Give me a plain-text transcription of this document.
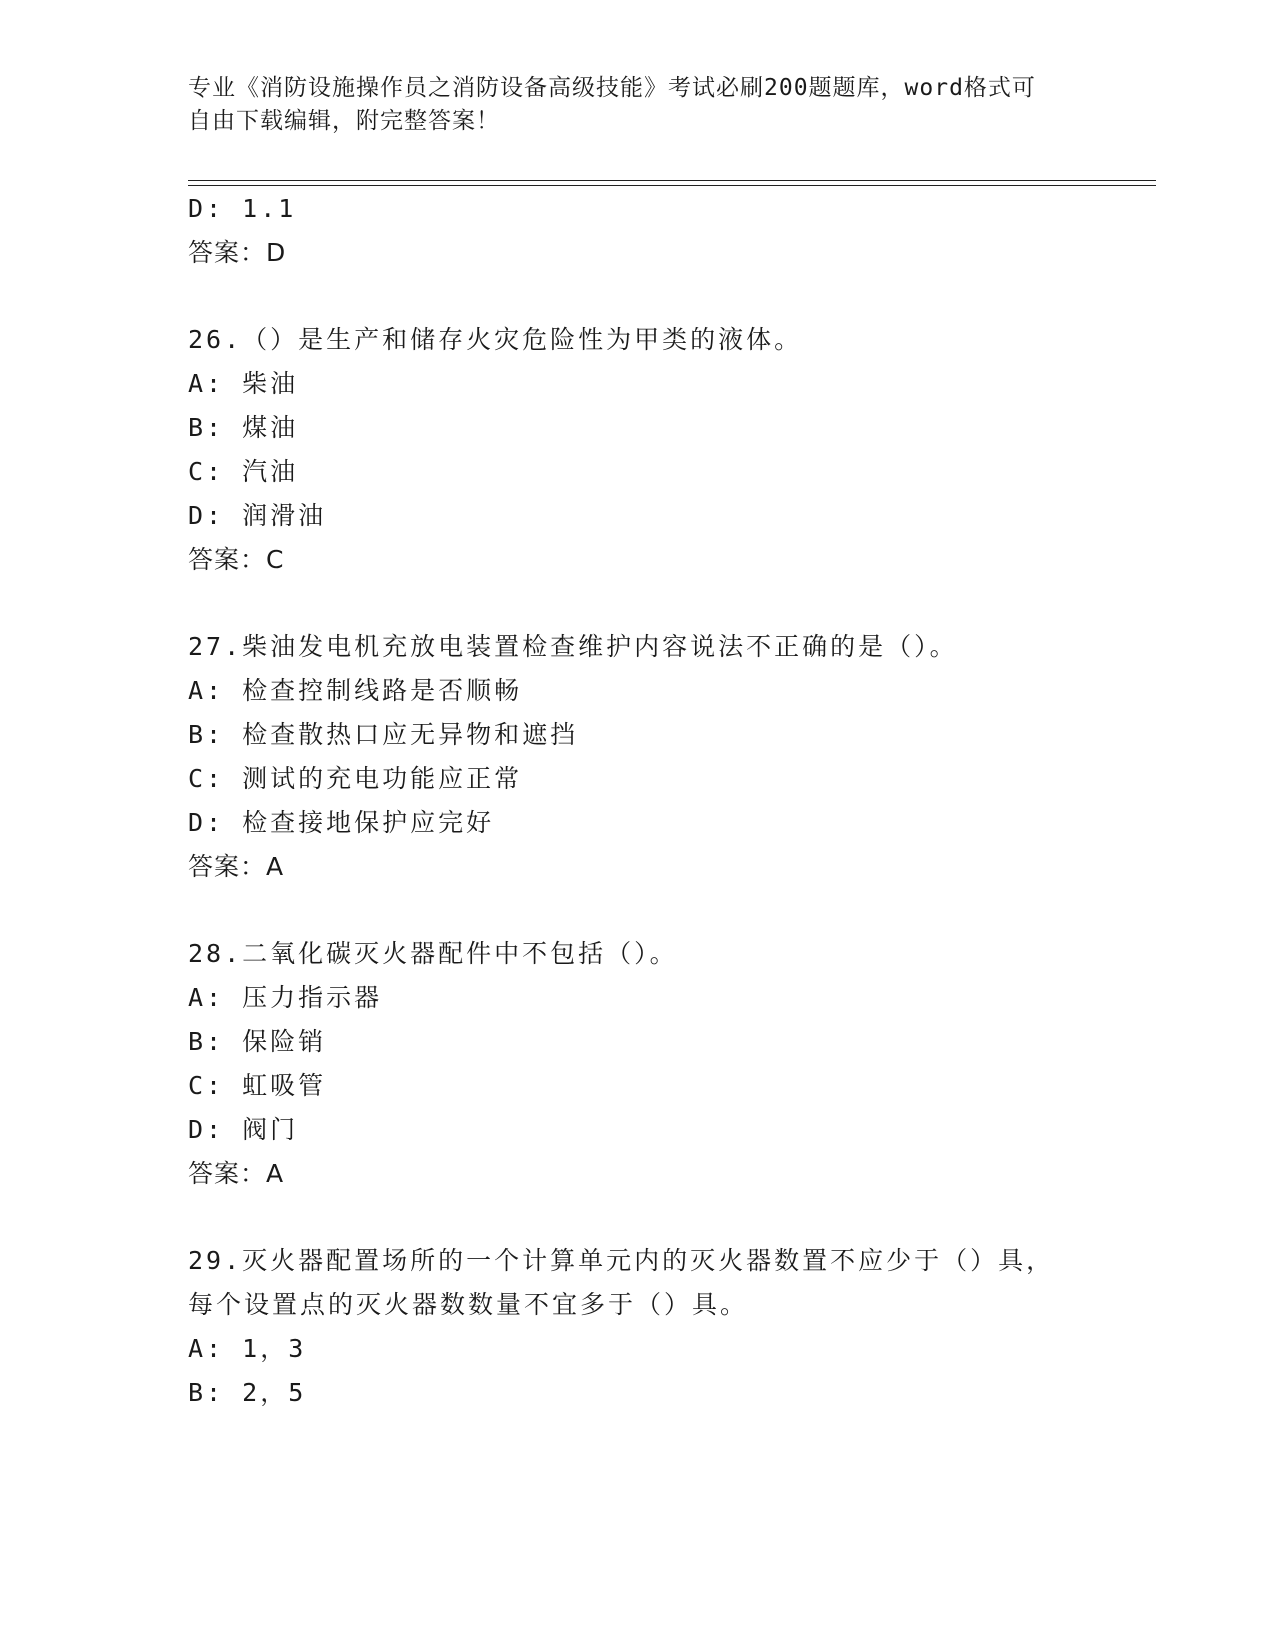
专业《消防设施操作员之消防设备高级技能》考试必刷200题题库，word格式可
自由下载编辑，附完整答案！
D: 1.1
答案：D
26.（）是生产和储存火灾危险性为甲类的液体。
A: 柴油
B: 煤油
C: 汽油
D: 润滑油
答案：C
27.柴油发电机充放电装置检查维护内容说法不正确的是（）。
A: 检查控制线路是否顺畅
B: 检查散热口应无异物和遮挡
C: 测试的充电功能应正常
D: 检查接地保护应完好
答案：A
28.二氧化碳灭火器配件中不包括（）。
A: 压力指示器
B: 保险销
C: 虹吸管
D: 阀门
答案：A
29.灭火器配置场所的一个计算单元内的灭火器数置不应少于（）具，
每个设置点的灭火器数数量不宜多于（）具。
A: 1，3
B: 2，5
